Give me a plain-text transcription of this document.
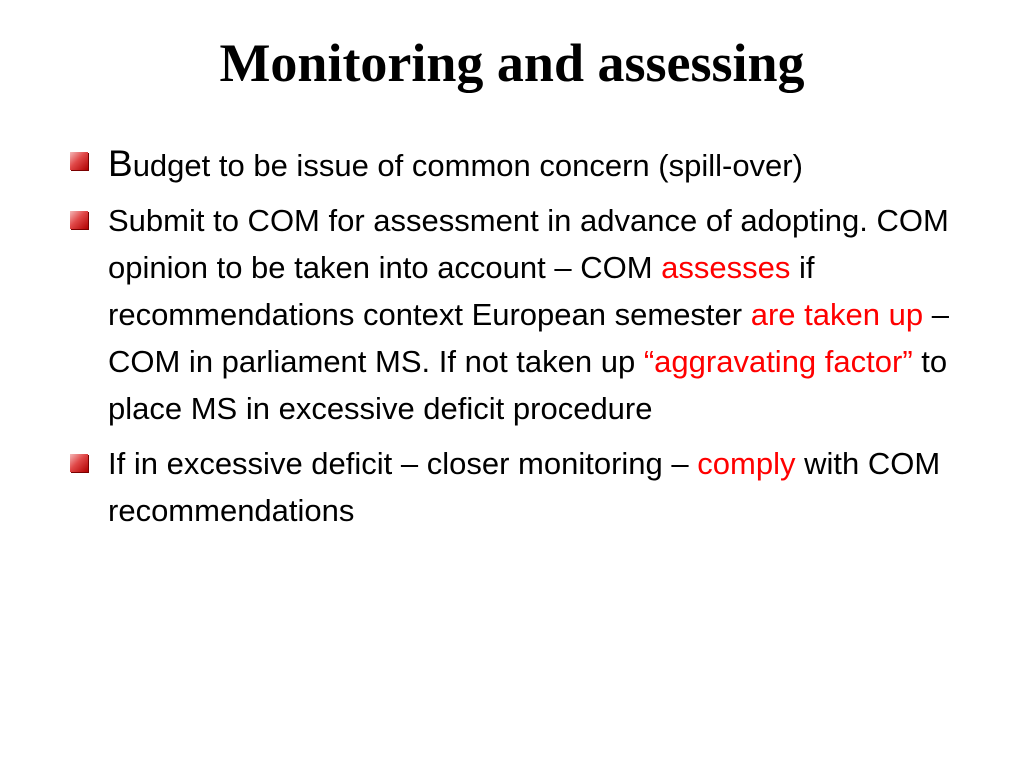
Monitoring and assessing
Budget to be issue of common concern (spill-over)
Submit to COM for assessment in advance of adopting. COM opinion to be taken into account – COM assesses if recommendations context European semester are taken up – COM in parliament MS. If not taken up “aggravating factor” to place MS in excessive deficit procedure
If in excessive deficit – closer monitoring – comply with COM recommendations
